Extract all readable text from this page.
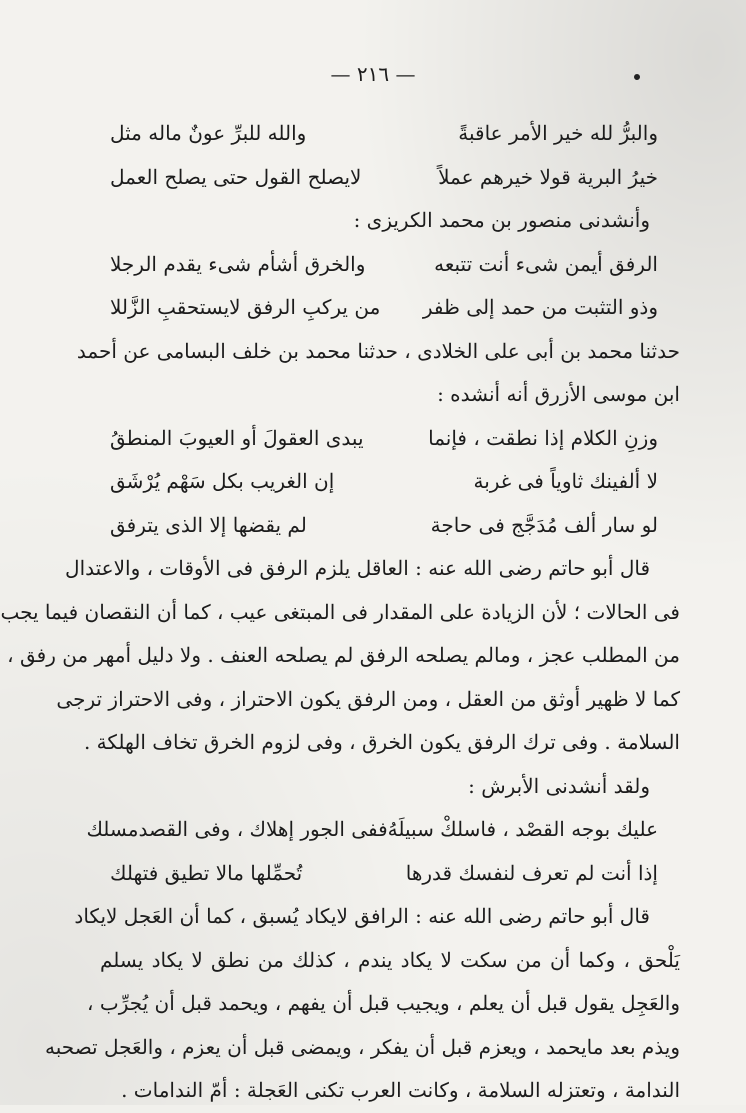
— ٢١٦ —
والبرُّ لله خير الأمر عاقبةً
والله للبرِّ عونٌ ماله مثل
خيرُ البرية قولا خيرهم عملاً
لايصلح القول حتى يصلح العمل
وأنشدنى منصور بن محمد الكريزى :
الرفق أيمن شىء أنت تتبعه
والخرق أشأم شىء يقدم الرجلا
وذو التثبت من حمد إلى ظفر
من يركبِ الرفق لايستحقبِ الزَّللا
حدثنا محمد بن أبى على الخلادى ، حدثنا محمد بن خلف البسامى عن أحمد
ابن موسى الأزرق أنه أنشده :
وزنِ الكلام إذا نطقت ، فإنما
يبدى العقولَ أو العيوبَ المنطقُ
لا ألفينك ثاوياً فى غربة
إن الغريب بكل سَهْم يُرْشَق
لو سار ألف مُدَجَّج فى حاجة
لم يقضها إلا الذى يترفق
قال أبو حاتم رضى الله عنه : العاقل يلزم الرفق فى الأوقات ، والاعتدال
فى الحالات ؛ لأن الزيادة على المقدار فى المبتغى عيب ، كما أن النقصان فيما يجب
من المطلب عجز ، ومالم يصلحه الرفق لم يصلحه العنف . ولا دليل أمهر من رفق ،
كما لا ظهير أوثق من العقل ، ومن الرفق يكون الاحتراز ، وفى الاحتراز ترجى
السلامة . وفى ترك الرفق يكون الخرق ، وفى لزوم الخرق تخاف الهلكة .
ولقد أنشدنى الأبرش :
عليك بوجه القصْد ، فاسلكْ سبيلَهُ
ففى الجور إهلاك ، وفى القصدمسلك
إذا أنت لم تعرف لنفسك قدرها
تُحمِّلها مالا تطيق فتهلك
قال أبو حاتم رضى الله عنه : الرافق لايكاد يُسبق ، كما أن العَجل لايكاد
يَلْحق ، وكما أن من سكت لا يكاد يندم ، كذلك من نطق لا يكاد يسلم
والعَجِل يقول قبل أن يعلم ، ويجيب قبل أن يفهم ، ويحمد قبل أن يُجرِّب ،
ويذم بعد مايحمد ، ويعزم قبل أن يفكر ، ويمضى قبل أن يعزم ، والعَجل تصحبه
الندامة ، وتعتزله السلامة ، وكانت العرب تكنى العَجلة : أمّ الندامات .
